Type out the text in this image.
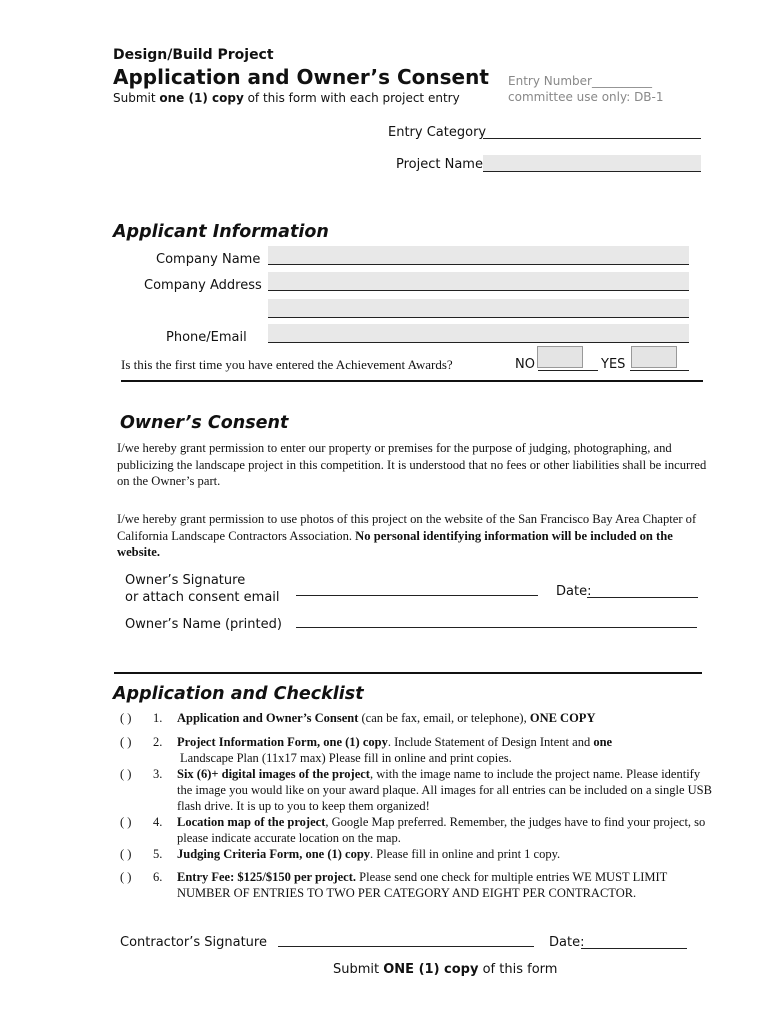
Design/Build Project
Application and Owner’s Consent
Submit one (1) copy of this form with each project entry
Entry Number__________
committee use only: DB-1
Entry Category
Project Name
Applicant Information
Company Name
Company Address
Phone/Email
Is this the first time you have entered the Achievement Awards?	NO	YES
Owner’s Consent
I/we hereby grant permission to enter our property or premises for the purpose of judging, photographing, and publicizing the landscape project in this competition. It is understood that no fees or other liabilities shall be incurred on the Owner’s part.
I/we hereby grant permission to use photos of this project on the website of the San Francisco Bay Area Chapter of California Landscape Contractors Association. No personal identifying information will be included on the website.
Owner’s Signature
or attach consent email	Date:
Owner’s Name (printed)
Application and Checklist
( ) 1. Application and Owner’s Consent (can be fax, email, or telephone), ONE COPY
( ) 2. Project Information Form, one (1) copy. Include Statement of Design Intent and one
Landscape Plan (11x17 max) Please fill in online and print copies.
( ) 3. Six (6)+ digital images of the project, with the image name to include the project name. Please identify the image you would like on your award plaque. All images for all entries can be included on a single USB flash drive. It is up to you to keep them organized!
( ) 4. Location map of the project, Google Map preferred. Remember, the judges have to find your project, so please indicate accurate location on the map.
( ) 5. Judging Criteria Form, one (1) copy. Please fill in online and print 1 copy.
( ) 6. Entry Fee: $125/$150 per project. Please send one check for multiple entries WE MUST LIMIT NUMBER OF ENTRIES TO TWO PER CATEGORY AND EIGHT PER CONTRACTOR.
Contractor’s Signature	Date:
Submit ONE (1) copy of this form
